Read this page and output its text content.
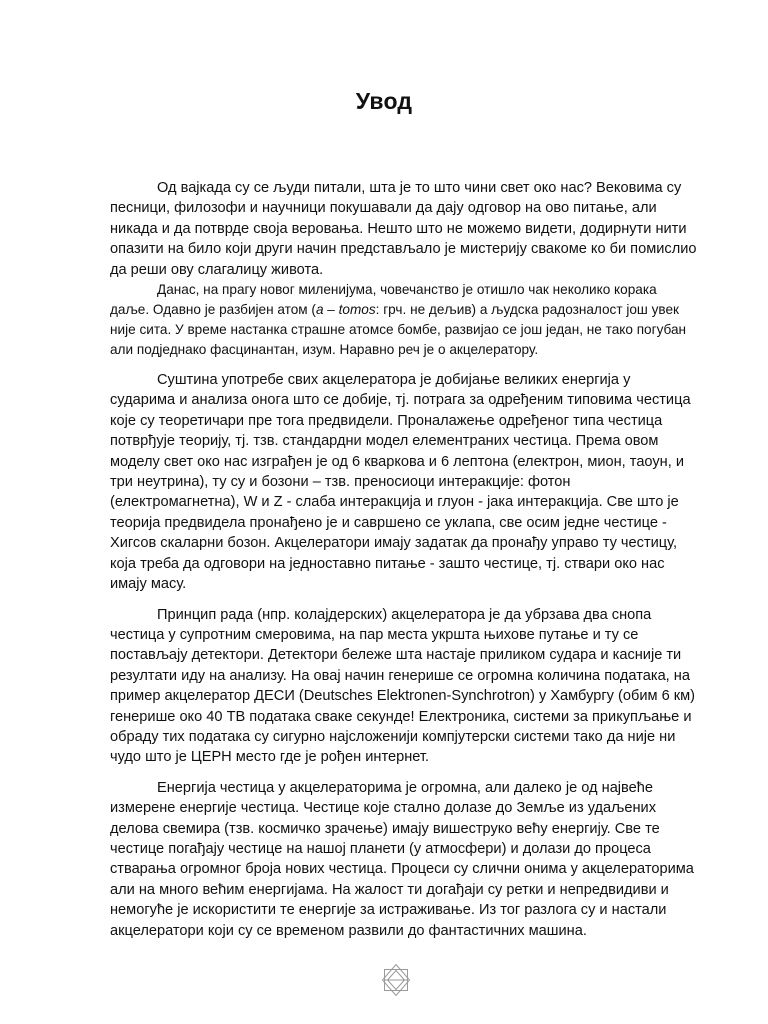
Увод

Од вајкада су се људи питали, шта је то што чини свет око нас? Вековима су песници, филозофи и научници покушавали да дају одговор на ово питање, али никада и да потврде своја веровања. Нешто што не можемо видети, додирнути нити опазити на било који други начин представљало је мистерију свакоме ко би помислио да реши ову слагалицу живота.

Данас, на прагу новог миленијума, човечанство је отишло чак неколико корака даље. Одавно је разбијен атом (a – tomos: грч. не дељив) а људска радозналост још увек није сита. У време настанка страшне атомсе бомбе, развијао се још један, не тако погубан али подједнако фасцинантан, изум. Наравно реч је о акцелератору.

Суштина употребе свих акцелератора је добијање великих енергија у сударима и анализа оногa што се добије, тј. потрага за одређеним типовима честица које су теоретичари пре тога предвидели. Проналажење одређеног типа честица потврђује теорију, тј. тзв. стандардни модел елементраних честица. Према овом моделу свет око нас изграђен је од 6 кваркова и 6 лептона (електрон, мион, таоун, и три неутрина), ту су и бозони – тзв. преносиоци интеракције: фотон (електромагнетна), W и Z - слаба интеракција и глуон - јака интеракција. Све што је теорија предвидела пронађено је и савршено се уклапа, све осим једне честице - Хигсов скаларни бозон. Акцелератори имају задатак да пронађу управо ту честицу, која треба да одговори на једноставно питање - зашто честице, тј. ствари око нас имају масу.

Принцип рада (нпр. колајдерских) акцелератора је да убрзава два снопа честица у супротним смеровима, на пар места укршта њихове путање и ту се постављају детектори. Детектори бележе шта настаје приликом судара и касније ти резултати иду на анализу. На овај начин генерише се огромна количина података, на пример акцелератор ДЕСИ (Deutsches Elektronen-Synchrotron) у Хамбургу (обим 6 км) генерише око 40 TB података сваке секунде! Електроника, системи за прикупљање и обраду тих података су сигурно најсложенији компјутерски системи тако да није ни чудо што је ЦЕРН место где је рођен интернет.

Енергија честица у акцелераторима је огромна, али далеко је од највеће измерене енергије честица. Честице које стално долазе до Земље из удаљених делова свемира (тзв. космичко зрачење) имају вишеструко већу енергију. Све те честице погађају честице на нашој планети (у атмосфери) и долази до процеса стварања огромног броја нових честица. Процеси су слични онима у акцелераторима али на много већим енергијама. На жалост ти догађаји су ретки и непредвидиви и немогуће је искористити те енергије за истраживање. Из тог разлога су и настали акцелератори који су се временом развили до фантастичних машина.
